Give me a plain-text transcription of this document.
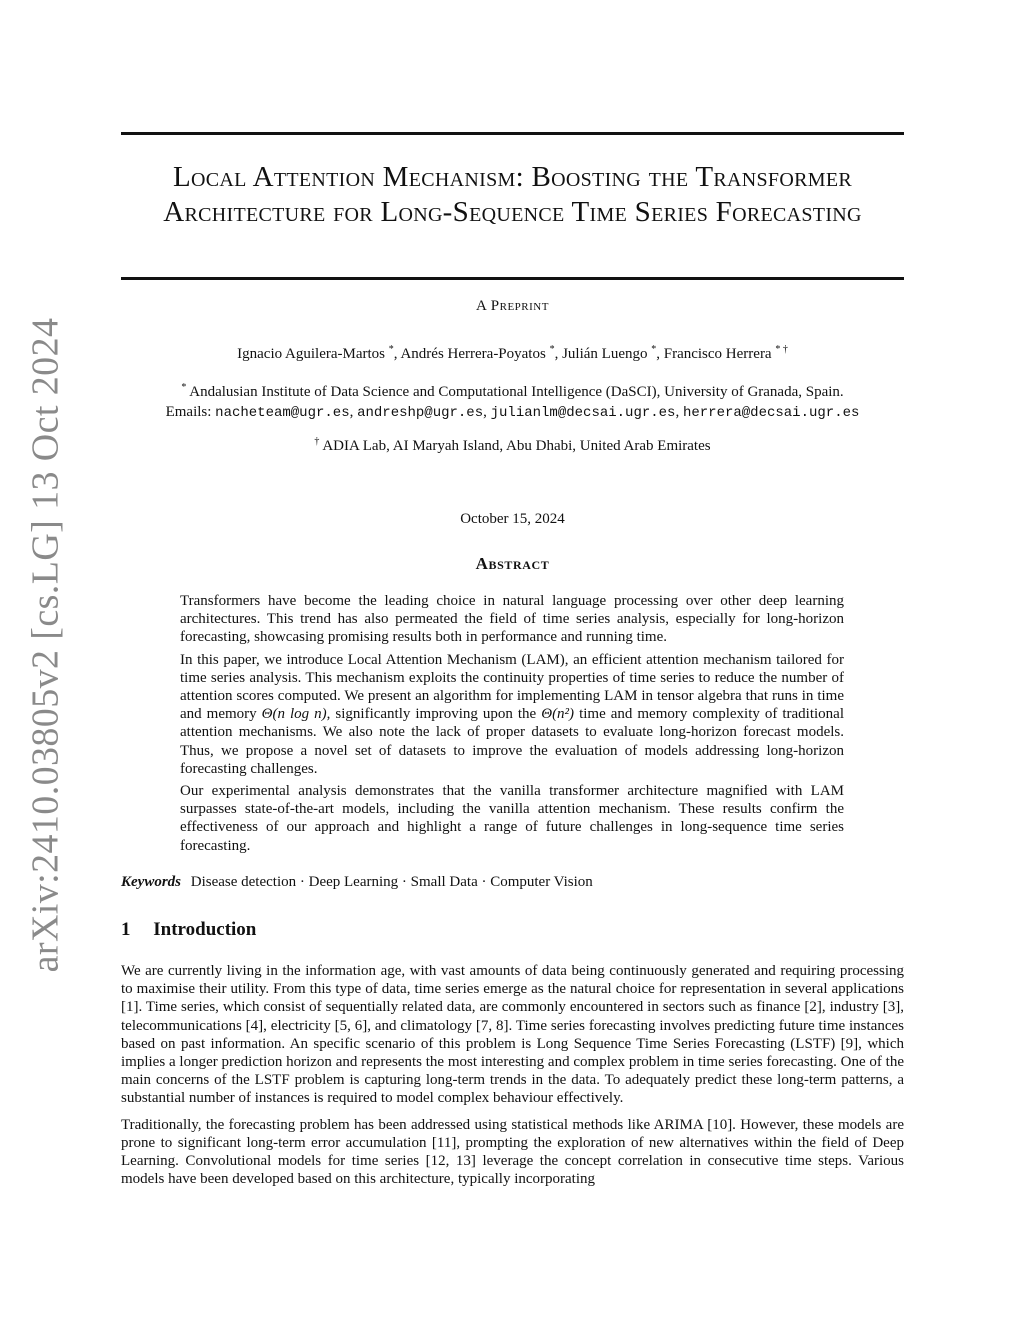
arXiv:2410.03805v2 [cs.LG] 13 Oct 2024
Local Attention Mechanism: Boosting the Transformer Architecture for Long-Sequence Time Series Forecasting
A Preprint
Ignacio Aguilera-Martos *, Andrés Herrera-Poyatos *, Julián Luengo *, Francisco Herrera * †
* Andalusian Institute of Data Science and Computational Intelligence (DaSCI), University of Granada, Spain.
Emails: nacheteam@ugr.es, andreshp@ugr.es, julianlm@decsai.ugr.es, herrera@decsai.ugr.es
† ADIA Lab, AI Maryah Island, Abu Dhabi, United Arab Emirates
October 15, 2024
Abstract

Transformers have become the leading choice in natural language processing over other deep learning architectures. This trend has also permeated the field of time series analysis, especially for long-horizon forecasting, showcasing promising results both in performance and running time.

In this paper, we introduce Local Attention Mechanism (LAM), an efficient attention mechanism tailored for time series analysis. This mechanism exploits the continuity properties of time series to reduce the number of attention scores computed. We present an algorithm for implementing LAM in tensor algebra that runs in time and memory Θ(n log n), significantly improving upon the Θ(n²) time and memory complexity of traditional attention mechanisms. We also note the lack of proper datasets to evaluate long-horizon forecast models. Thus, we propose a novel set of datasets to improve the evaluation of models addressing long-horizon forecasting challenges.

Our experimental analysis demonstrates that the vanilla transformer architecture magnified with LAM surpasses state-of-the-art models, including the vanilla attention mechanism. These results confirm the effectiveness of our approach and highlight a range of future challenges in long-sequence time series forecasting.

Keywords Disease detection · Deep Learning · Small Data · Computer Vision
1 Introduction

We are currently living in the information age, with vast amounts of data being continuously generated and requiring processing to maximise their utility. From this type of data, time series emerge as the natural choice for representation in several applications [1]. Time series, which consist of sequentially related data, are commonly encountered in sectors such as finance [2], industry [3], telecommunications [4], electricity [5, 6], and climatology [7, 8]. Time series forecasting involves predicting future time instances based on past information. An specific scenario of this problem is Long Sequence Time Series Forecasting (LSTF) [9], which implies a longer prediction horizon and represents the most interesting and complex problem in time series forecasting. One of the main concerns of the LSTF problem is capturing long-term trends in the data. To adequately predict these long-term patterns, a substantial number of instances is required to model complex behaviour effectively.

Traditionally, the forecasting problem has been addressed using statistical methods like ARIMA [10]. However, these models are prone to significant long-term error accumulation [11], prompting the exploration of new alternatives within the field of Deep Learning. Convolutional models for time series [12, 13] leverage the concept correlation in consecutive time steps. Various models have been developed based on this architecture, typically incorporating
